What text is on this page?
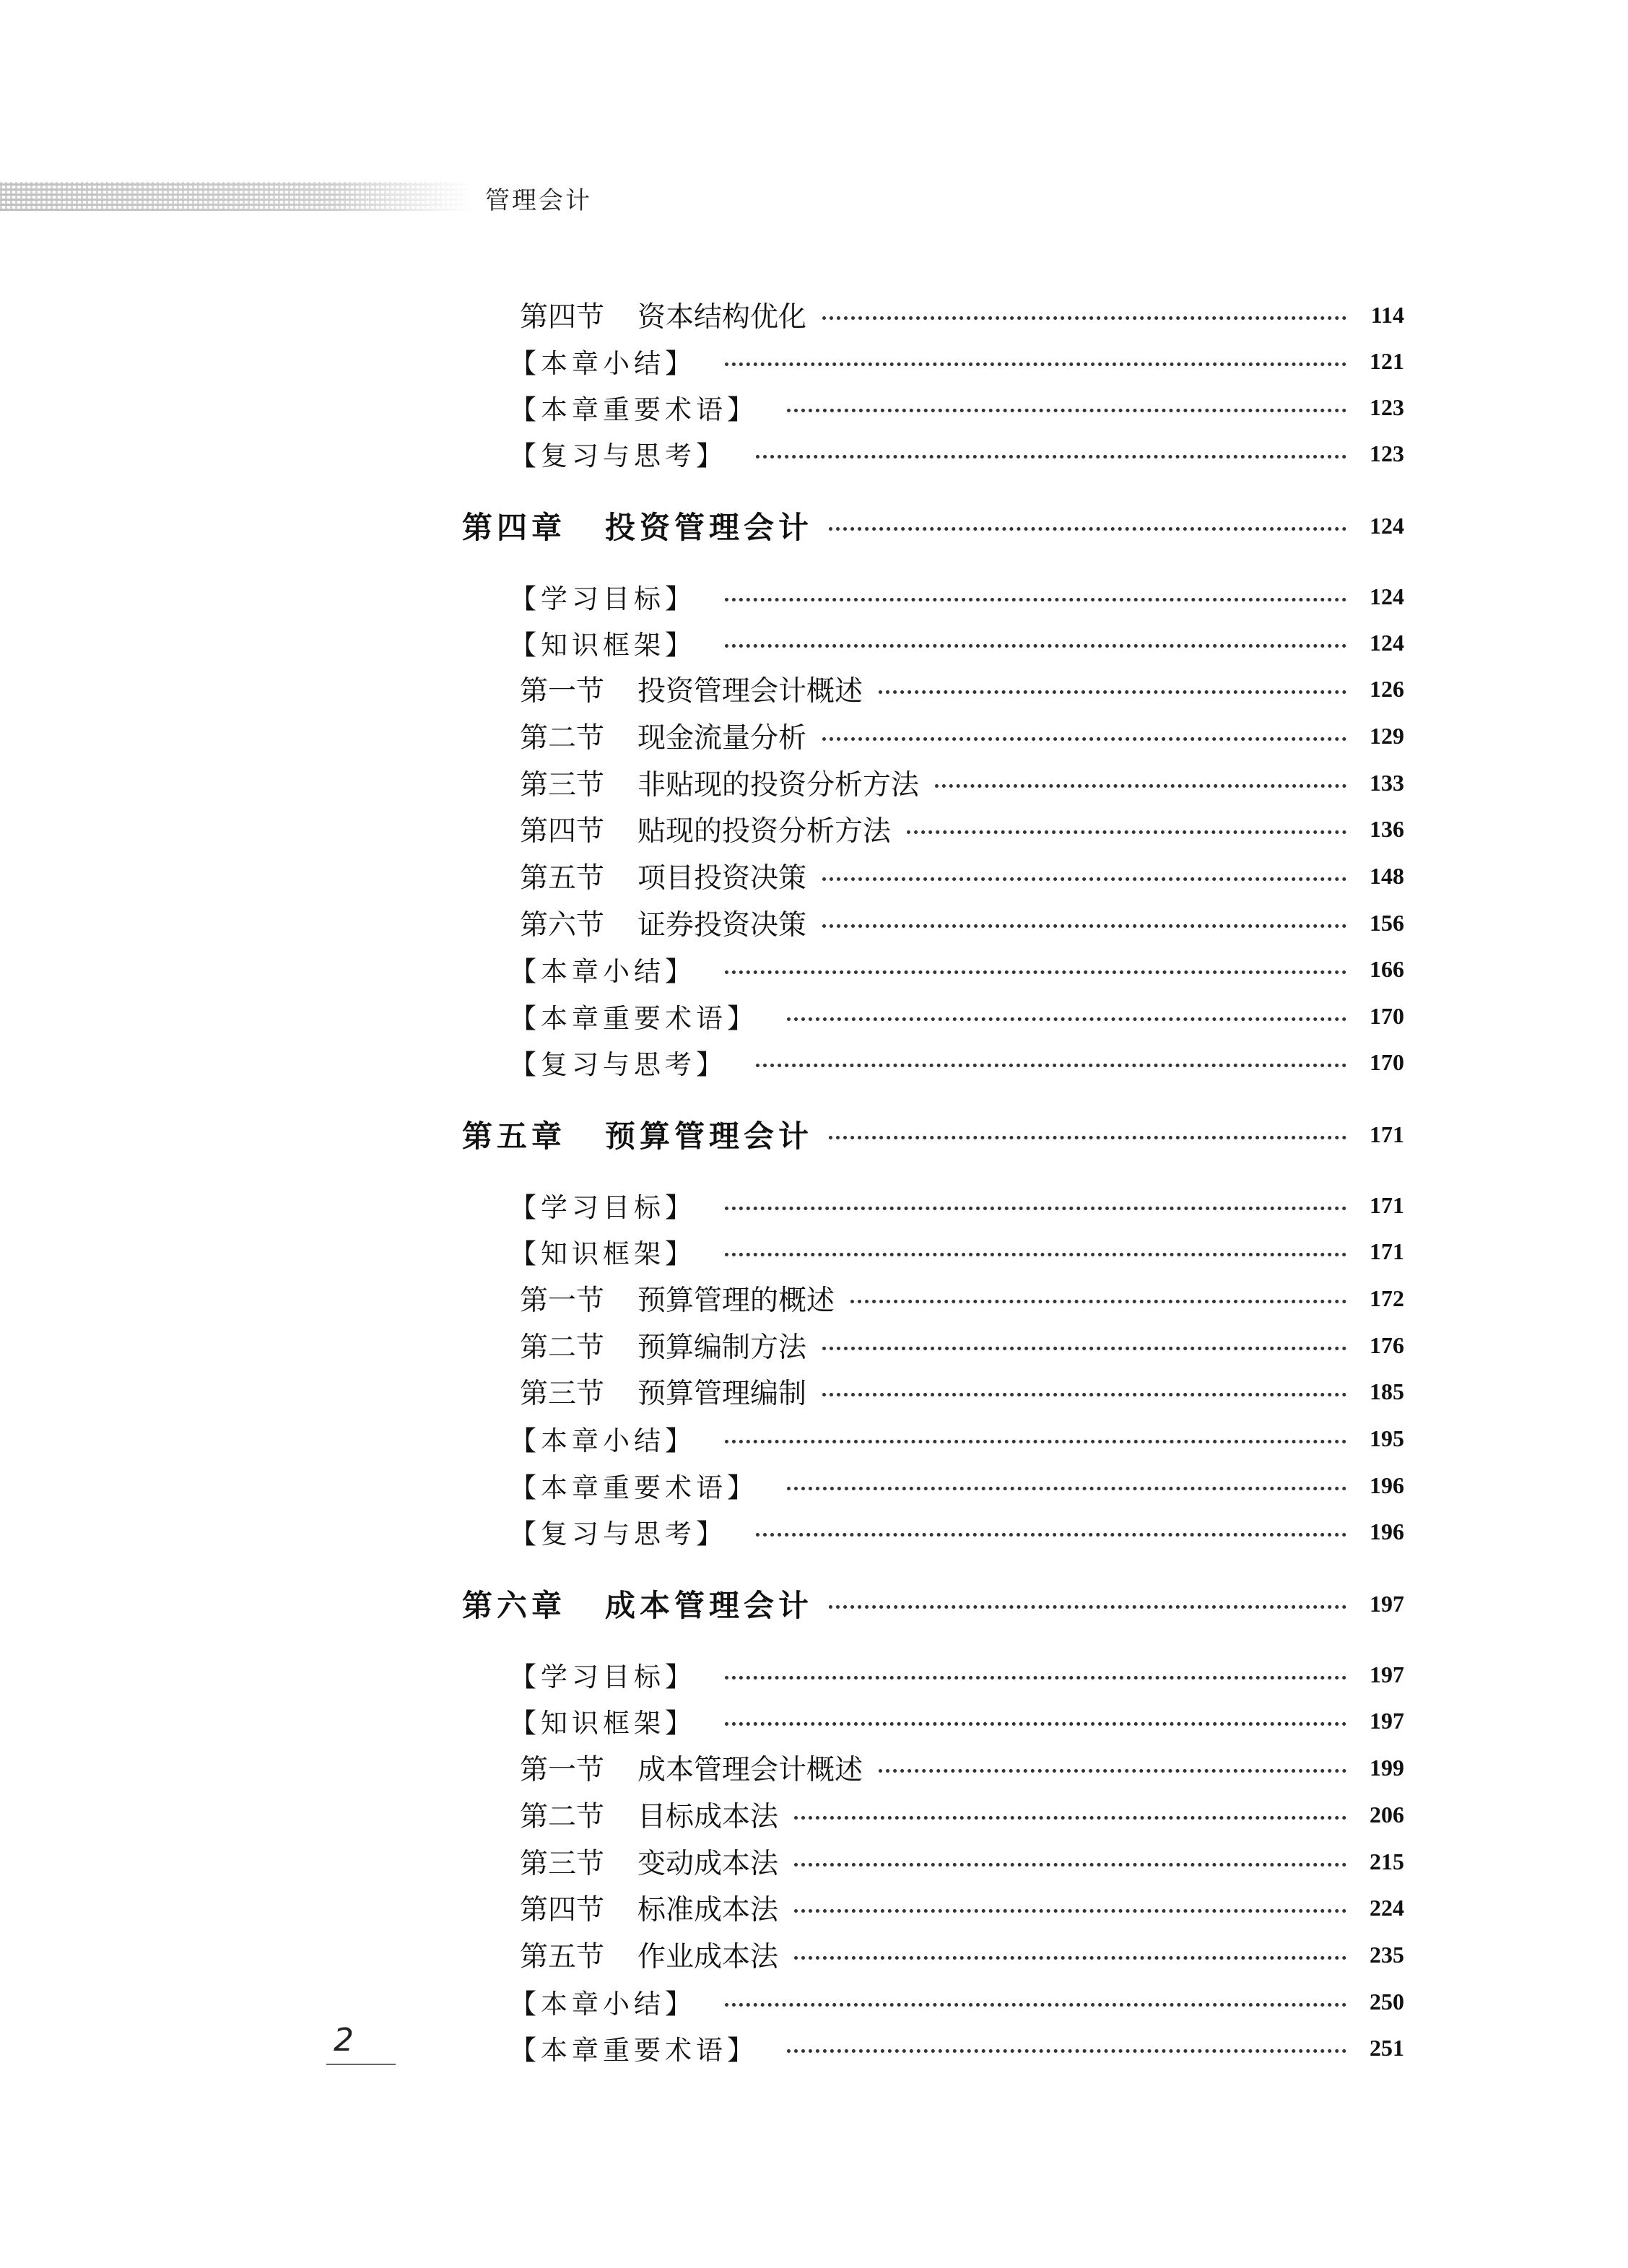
管理会计
第四节 资本结构优化	114
【本章小结】	121
【本章重要术语】	123
【复习与思考】	123
第四章 投资管理会计	124
【学习目标】	124
【知识框架】	124
第一节 投资管理会计概述	126
第二节 现金流量分析	129
第三节 非贴现的投资分析方法	133
第四节 贴现的投资分析方法	136
第五节 项目投资决策	148
第六节 证券投资决策	156
【本章小结】	166
【本章重要术语】	170
【复习与思考】	170
第五章 预算管理会计	171
【学习目标】	171
【知识框架】	171
第一节 预算管理的概述	172
第二节 预算编制方法	176
第三节 预算管理编制	185
【本章小结】	195
【本章重要术语】	196
【复习与思考】	196
第六章 成本管理会计	197
【学习目标】	197
【知识框架】	197
第一节 成本管理会计概述	199
第二节 目标成本法	206
第三节 变动成本法	215
第四节 标准成本法	224
第五节 作业成本法	235
【本章小结】	250
【本章重要术语】	251
2
